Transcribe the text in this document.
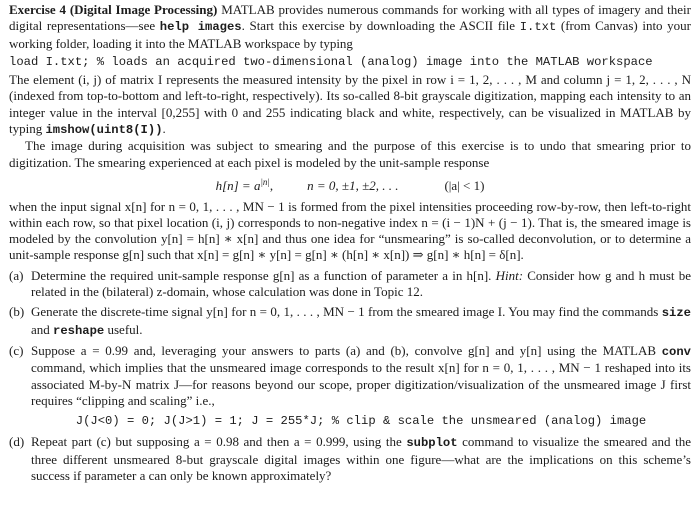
Exercise 4 (Digital Image Processing) MATLAB provides numerous commands for working with all types of imagery and their digital representations—see help images. Start this exercise by downloading the ASCII file I.txt (from Canvas) into your working folder, loading it into the MATLAB workspace by typing

load I.txt; % loads an acquired two-dimensional (analog) image into the MATLAB workspace

The element (i, j) of matrix I represents the measured intensity by the pixel in row i = 1, 2, . . . , M and column j = 1, 2, . . . , N (indexed from top-to-bottom and left-to-right, respectively). Its so-called 8-bit grayscale digitization, mapping each intensity to an integer value in the interval [0,255] with 0 and 255 indicating black and white, respectively, can be visualized in MATLAB by typing imshow(uint8(I)).

The image during acquisition was subject to smearing and the purpose of this exercise is to undo that smearing prior to digitization. The smearing experienced at each pixel is modeled by the unit-sample response

$h[n] = a^{|n|}$,	n = 0, ±1, ±2, . . .	(|a| < 1)

when the input signal x[n] for n = 0, 1, . . . , MN − 1 is formed from the pixel intensities proceeding row-by-row, then left-to-right within each row, so that pixel location (i, j) corresponds to non-negative index n = (i − 1)N + (j − 1). That is, the smeared image is modeled by the convolution y[n] = h[n] ∗ x[n] and thus one idea for “unsmearing” is so-called deconvolution, or to determine a unit-sample response g[n] such that x[n] = g[n] ∗ y[n] = g[n] ∗ (h[n] ∗ x[n]) ⇒ g[n] ∗ h[n] = δ[n].

(a) Determine the required unit-sample response g[n] as a function of parameter a in h[n]. Hint: Consider how g and h must be related in the (bilateral) z-domain, whose calculation was done in Topic 12.
(b) Generate the discrete-time signal y[n] for n = 0, 1, . . . , MN − 1 from the smeared image I. You may find the commands size and reshape useful.
(c) Suppose a = 0.99 and, leveraging your answers to parts (a) and (b), convolve g[n] and y[n] using the MATLAB conv command, which implies that the unsmeared image corresponds to the result x[n] for n = 0, 1, . . . , MN − 1 reshaped into its associated M-by-N matrix J—for reasons beyond our scope, proper digitization/visualization of the unsmeared image J first requires “clipping and scaling” i.e.,
J(J<0) = 0; J(J>1) = 1; J = 255*J; % clip & scale the unsmeared (analog) image
(d) Repeat part (c) but supposing a = 0.98 and then a = 0.999, using the subplot command to visualize the smeared and the three different unsmeared 8-but grayscale digital images within one figure—what are the implications on this scheme’s success if parameter a can only be known approximately?
